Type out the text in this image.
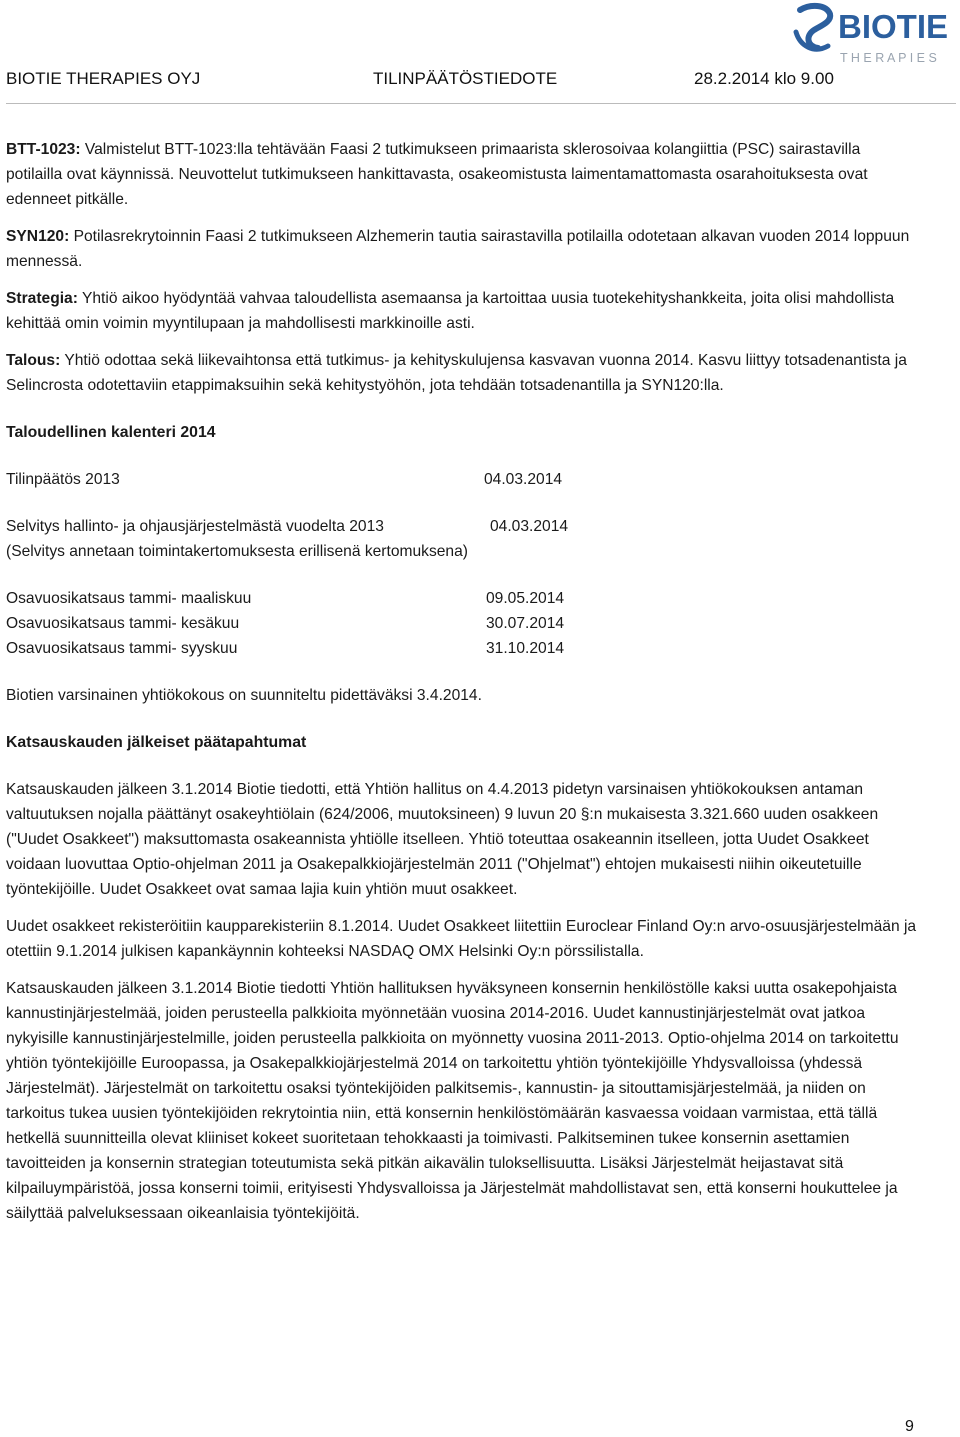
BIOTIE THERAPIES OYJ	TILINPÄÄTÖSTIEDOTE	28.2.2014 klo 9.00
BIOTIE
T H E R A P I E S

BTT-1023: Valmistelut BTT-1023:lla tehtävään Faasi 2 tutkimukseen primaarista sklerosoivaa kolangiittia (PSC) sairastavilla potilailla ovat käynnissä. Neuvottelut tutkimukseen hankittavasta, osakeomistusta laimentamattomasta osarahoituksesta ovat edenneet pitkälle.

SYN120: Potilasrekrytoinnin Faasi 2 tutkimukseen Alzhemerin tautia sairastavilla potilailla odotetaan alkavan vuoden 2014 loppuun mennessä.

Strategia: Yhtiö aikoo hyödyntää vahvaa taloudellista asemaansa ja kartoittaa uusia tuotekehityshankkeita, joita olisi mahdollista kehittää omin voimin myyntilupaan ja mahdollisesti markkinoille asti.

Talous: Yhtiö odottaa sekä liikevaihtonsa että tutkimus- ja kehityskulujensa kasvavan vuonna 2014. Kasvu liittyy totsadenantista ja Selincrosta odotettaviin etappimaksuihin sekä kehitystyöhön, jota tehdään totsadenantilla ja SYN120:lla.

Taloudellinen kalenteri 2014

Tilinpäätös 2013	04.03.2014
Selvitys hallinto- ja ohjausjärjestelmästä vuodelta 2013	04.03.2014

(Selvitys annetaan toimintakertomuksesta erillisenä kertomuksena)

Osavuosikatsaus tammi- maaliskuu	09.05.2014
Osavuosikatsaus tammi- kesäkuu	30.07.2014
Osavuosikatsaus tammi- syyskuu	31.10.2014

Biotien varsinainen yhtiökokous on suunniteltu pidettäväksi 3.4.2014.

Katsauskauden jälkeiset päätapahtumat

Katsauskauden jälkeen 3.1.2014 Biotie tiedotti, että Yhtiön hallitus on 4.4.2013 pidetyn varsinaisen yhtiökokouksen antaman valtuutuksen nojalla päättänyt osakeyhtiölain (624/2006, muutoksineen) 9 luvun 20 §:n mukaisesta 3.321.660 uuden osakkeen ("Uudet Osakkeet") maksuttomasta osakeannista yhtiölle itselleen. Yhtiö toteuttaa osakeannin itselleen, jotta Uudet Osakkeet voidaan luovuttaa Optio-ohjelman 2011 ja Osakepalkkiojärjestelmän 2011 ("Ohjelmat") ehtojen mukaisesti niihin oikeutetuille työntekijöille. Uudet Osakkeet ovat samaa lajia kuin yhtiön muut osakkeet.

Uudet osakkeet rekisteröitiin kaupparekisteriin 8.1.2014. Uudet Osakkeet liitettiin Euroclear Finland Oy:n arvo-osuusjärjestelmään ja otettiin 9.1.2014 julkisen kapankäynnin kohteeksi NASDAQ OMX Helsinki Oy:n pörssilistalla.

Katsauskauden jälkeen 3.1.2014 Biotie tiedotti Yhtiön hallituksen hyväksyneen konsernin henkilöstölle kaksi uutta osakepohjaista kannustinjärjestelmää, joiden perusteella palkkioita myönnetään vuosina 2014-2016. Uudet kannustinjärjestelmät ovat jatkoa nykyisille kannustinjärjestelmille, joiden perusteella palkkioita on myönnetty vuosina 2011-2013. Optio-ohjelma 2014 on tarkoitettu yhtiön työntekijöille Euroopassa, ja Osakepalkkiojärjestelmä 2014 on tarkoitettu yhtiön työntekijöille Yhdysvalloissa (yhdessä Järjestelmät). Järjestelmät on tarkoitettu osaksi työntekijöiden palkitsemis-, kannustin- ja sitouttamisjärjestelmää, ja niiden on tarkoitus tukea uusien työntekijöiden rekrytointia niin, että konsernin henkilöstömäärän kasvaessa voidaan varmistaa, että tällä hetkellä suunnitteilla olevat kliiniset kokeet suoritetaan tehokkaasti ja toimivasti. Palkitseminen tukee konsernin asettamien tavoitteiden ja konsernin strategian toteutumista sekä pitkän aikavälin tuloksellisuutta. Lisäksi Järjestelmät heijastavat sitä kilpailuympäristöä, jossa konserni toimii, erityisesti Yhdysvalloissa ja Järjestelmät mahdollistavat sen, että konserni houkuttelee ja säilyttää palveluksessaan oikeanlaisia työntekijöitä.

9
